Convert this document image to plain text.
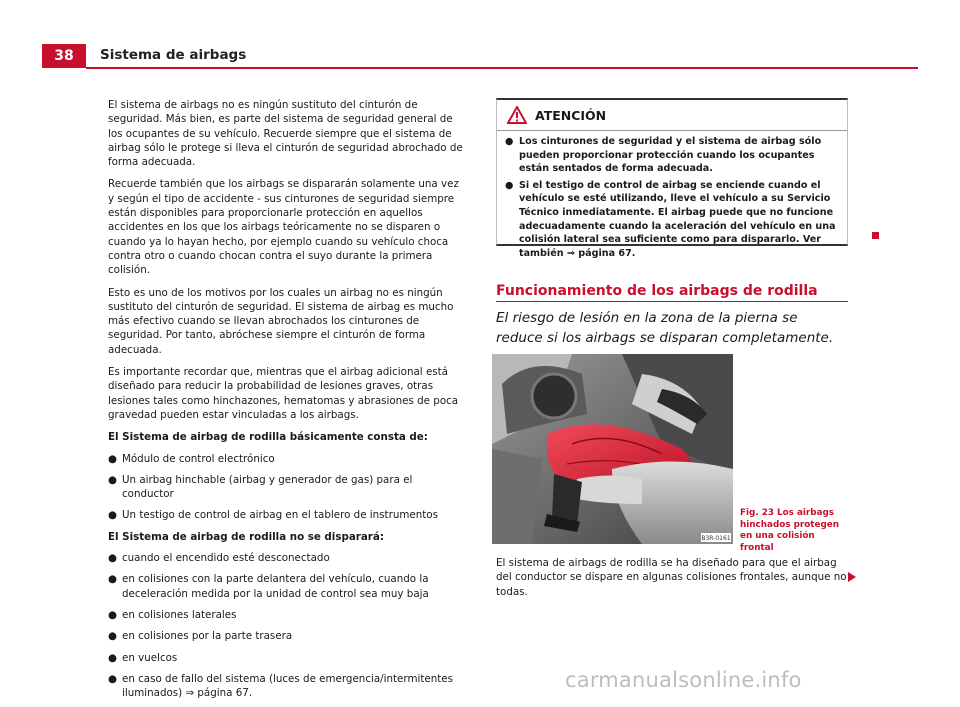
38	Sistema de airbags

El sistema de airbags no es ningún sustituto del cinturón de seguridad. Más bien, es parte del sistema de seguridad general de los ocupantes de su vehículo. Recuerde siempre que el sistema de airbag sólo le protege si lleva el cinturón de seguridad abrochado de forma adecuada.

Recuerde también que los airbags se dispararán solamente una vez y según el tipo de accidente - sus cinturones de seguridad siempre están disponibles para proporcionarle protección en aquellos accidentes en los que los airbags teóricamente no se disparen o cuando ya lo hayan hecho, por ejemplo cuando su vehículo choca contra otro o cuando chocan contra el suyo durante la primera colisión.

Esto es uno de los motivos por los cuales un airbag no es ningún sustituto del cinturón de seguridad. El sistema de airbag es mucho más efectivo cuando se llevan abrochados los cinturones de seguridad. Por tanto, abróchese siempre el cinturón de forma adecuada.

Es importante recordar que, mientras que el airbag adicional está diseñado para reducir la probabilidad de lesiones graves, otras lesiones tales como hinchazones, hematomas y abrasiones de poca gravedad pueden estar vinculadas a los airbags.

El Sistema de airbag de rodilla básicamente consta de:

● Módulo de control electrónico
● Un airbag hinchable (airbag y generador de gas) para el conductor
● Un testigo de control de airbag en el tablero de instrumentos

El Sistema de airbag de rodilla no se disparará:

● cuando el encendido esté desconectado
● en colisiones con la parte delantera del vehículo, cuando la deceleración medida por la unidad de control sea muy baja
● en colisiones laterales
● en colisiones por la parte trasera
● en vuelcos
● en caso de fallo del sistema (luces de emergencia/intermitentes iluminados) ⇒ página 67.
ATENCIÓN
● Los cinturones de seguridad y el sistema de airbag sólo pueden proporcionar protección cuando los ocupantes están sentados de forma adecuada.
● Si el testigo de control de airbag se enciende cuando el vehículo se esté utilizando, lleve el vehículo a su Servicio Técnico inmediatamente. El airbag puede que no funcione adecuadamente cuando la aceleración del vehículo en una colisión lateral sea suficiente como para dispararlo. Ver también ⇒ página 67.
Funcionamiento de los airbags de rodilla
El riesgo de lesión en la zona de la pierna se reduce si los airbags se disparan completamente.
B3R-0161
Fig. 23 Los airbags hinchados protegen en una colisión frontal
El sistema de airbags de rodilla se ha diseñado para que el airbag del conductor se dispare en algunas colisiones frontales, aunque no todas.
carmanualsonline.info
